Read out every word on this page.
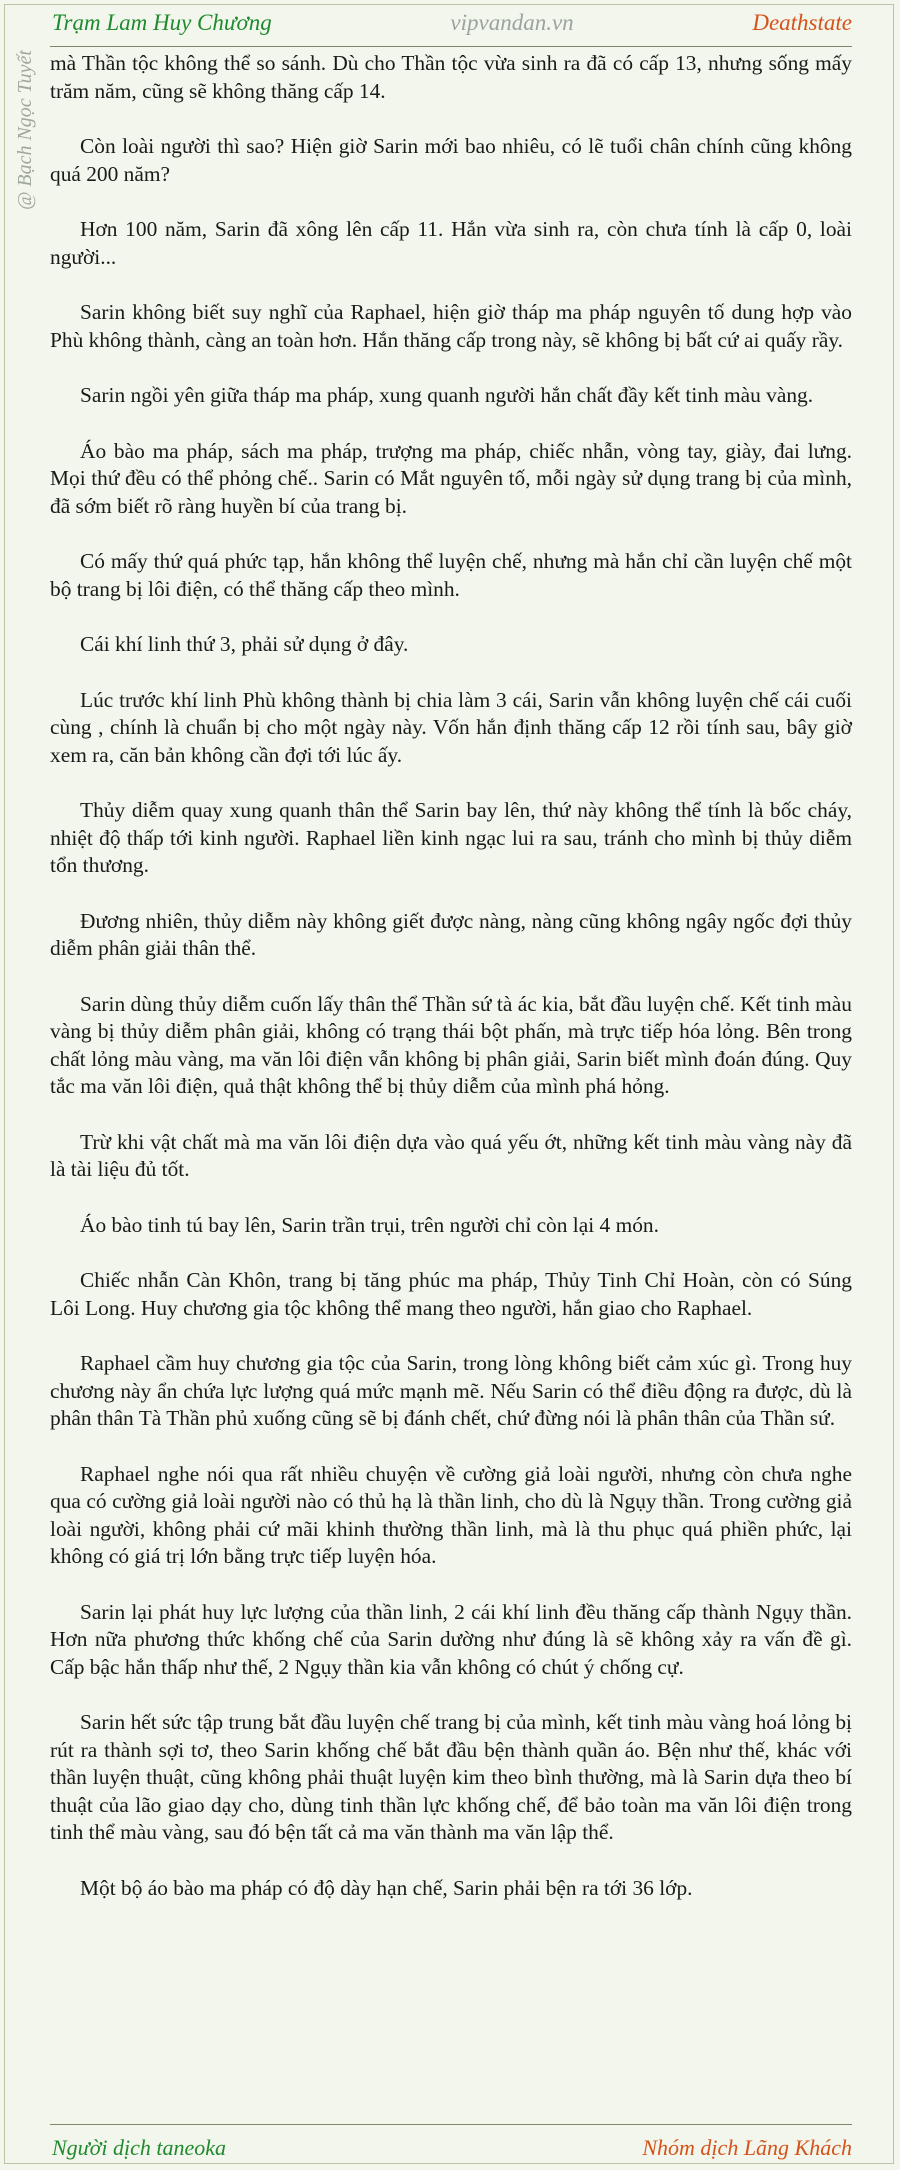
Trạm Lam Huy Chương	vipvandan.vn	Deathstate
@ Bạch Ngọc Tuyết mà Thần tộc không thể so sánh. Dù cho Thần tộc vừa sinh ra đã có cấp 13, nhưng sống mấy trăm năm, cũng sẽ không thăng cấp 14.

Còn loài người thì sao? Hiện giờ Sarin mới bao nhiêu, có lẽ tuổi chân chính cũng không quá 200 năm?

Hơn 100 năm, Sarin đã xông lên cấp 11. Hắn vừa sinh ra, còn chưa tính là cấp 0, loài người...

Sarin không biết suy nghĩ của Raphael, hiện giờ tháp ma pháp nguyên tố dung hợp vào Phù không thành, càng an toàn hơn. Hắn thăng cấp trong này, sẽ không bị bất cứ ai quấy rầy.

Sarin ngồi yên giữa tháp ma pháp, xung quanh người hắn chất đầy kết tinh màu vàng.

Áo bào ma pháp, sách ma pháp, trượng ma pháp, chiếc nhẫn, vòng tay, giày, đai lưng. Mọi thứ đều có thể phỏng chế.. Sarin có Mắt nguyên tố, mỗi ngày sử dụng trang bị của mình, đã sớm biết rõ ràng huyền bí của trang bị.

Có mấy thứ quá phức tạp, hắn không thể luyện chế, nhưng mà hắn chỉ cần luyện chế một bộ trang bị lôi điện, có thể thăng cấp theo mình.

Cái khí linh thứ 3, phải sử dụng ở đây.

Lúc trước khí linh Phù không thành bị chia làm 3 cái, Sarin vẫn không luyện chế cái cuối cùng , chính là chuẩn bị cho một ngày này. Vốn hắn định thăng cấp 12 rồi tính sau, bây giờ xem ra, căn bản không cần đợi tới lúc ấy.

Thủy diễm quay xung quanh thân thể Sarin bay lên, thứ này không thể tính là bốc cháy, nhiệt độ thấp tới kinh người. Raphael liền kinh ngạc lui ra sau, tránh cho mình bị thủy diễm tổn thương.

Đương nhiên, thủy diễm này không giết được nàng, nàng cũng không ngây ngốc đợi thủy diễm phân giải thân thể.

Sarin dùng thủy diễm cuốn lấy thân thể Thần sứ tà ác kia, bắt đầu luyện chế. Kết tinh màu vàng bị thủy diễm phân giải, không có trạng thái bột phấn, mà trực tiếp hóa lỏng. Bên trong chất lỏng màu vàng, ma văn lôi điện vẫn không bị phân giải, Sarin biết mình đoán đúng. Quy tắc ma văn lôi điện, quả thật không thể bị thủy diễm của mình phá hỏng.

Trừ khi vật chất mà ma văn lôi điện dựa vào quá yếu ớt, những kết tinh màu vàng này đã là tài liệu đủ tốt.

Áo bào tinh tú bay lên, Sarin trần trụi, trên người chỉ còn lại 4 món.

Chiếc nhẫn Càn Khôn, trang bị tăng phúc ma pháp, Thủy Tinh Chỉ Hoàn, còn có Súng Lôi Long. Huy chương gia tộc không thể mang theo người, hắn giao cho Raphael.

Raphael cầm huy chương gia tộc của Sarin, trong lòng không biết cảm xúc gì. Trong huy chương này ẩn chứa lực lượng quá mức mạnh mẽ. Nếu Sarin có thể điều động ra được, dù là phân thân Tà Thần phủ xuống cũng sẽ bị đánh chết, chứ đừng nói là phân thân của Thần sứ.

Raphael nghe nói qua rất nhiều chuyện về cường giả loài người, nhưng còn chưa nghe qua có cường giả loài người nào có thủ hạ là thần linh, cho dù là Ngụy thần. Trong cường giả loài người, không phải cứ mãi khinh thường thần linh, mà là thu phục quá phiền phức, lại không có giá trị lớn bằng trực tiếp luyện hóa.

Sarin lại phát huy lực lượng của thần linh, 2 cái khí linh đều thăng cấp thành Ngụy thần. Hơn nữa phương thức khống chế của Sarin dường như đúng là sẽ không xảy ra vấn đề gì. Cấp bậc hắn thấp như thế, 2 Ngụy thần kia vẫn không có chút ý chống cự.

Sarin hết sức tập trung bắt đầu luyện chế trang bị của mình, kết tinh màu vàng hoá lỏng bị rút ra thành sợi tơ, theo Sarin khống chế bắt đầu bện thành quần áo. Bện như thế, khác với thần luyện thuật, cũng không phải thuật luyện kim theo bình thường, mà là Sarin dựa theo bí thuật của lão giao dạy cho, dùng tinh thần lực khống chế, để bảo toàn ma văn lôi điện trong tinh thể màu vàng, sau đó bện tất cả ma văn thành ma văn lập thể.

Một bộ áo bào ma pháp có độ dày hạn chế, Sarin phải bện ra tới 36 lớp.

Người dịch taneoka	Nhóm dịch Lãng Khách
